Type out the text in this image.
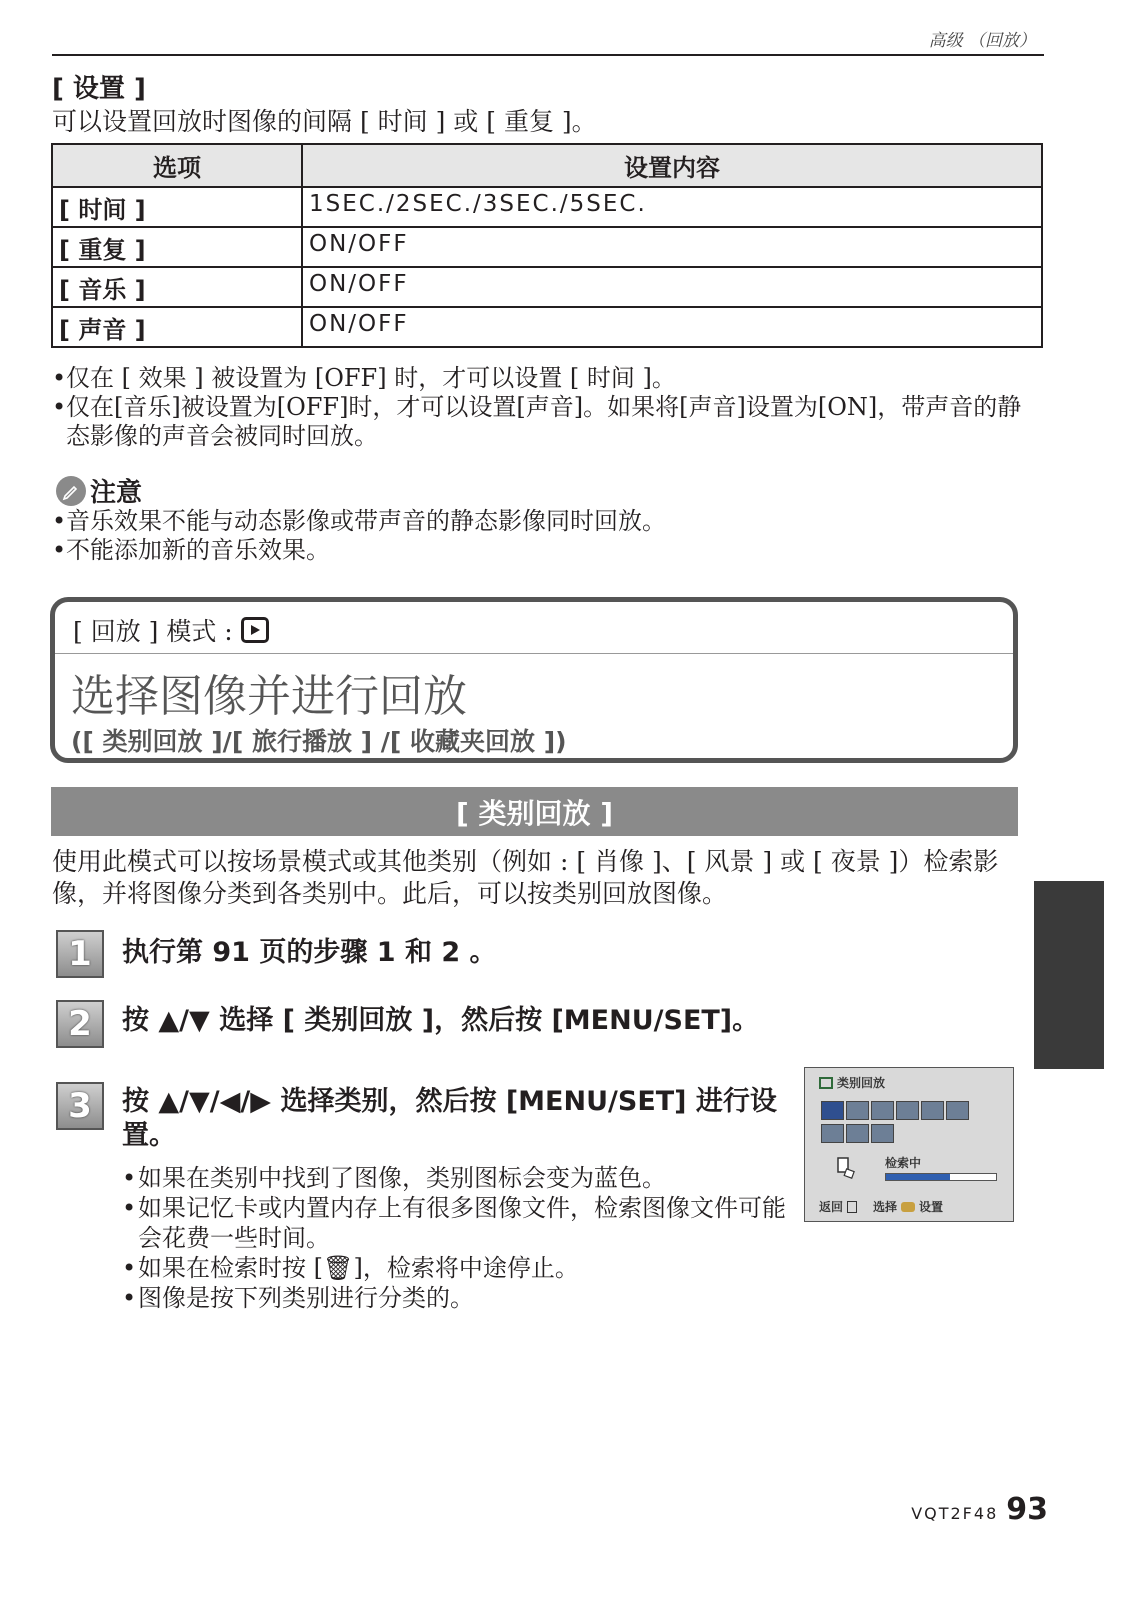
高级 （回放）
[ 设置 ]
可以设置回放时图像的间隔 [ 时间 ] 或 [ 重复 ]。
选项	设置内容
[ 时间 ]	1SEC./2SEC./3SEC./5SEC.
[ 重复 ]	ON/OFF
[ 音乐 ]	ON/OFF
[ 声音 ]	ON/OFF
• 仅在 [ 效果 ] 被设置为 [OFF] 时，才可以设置 [ 时间 ]。
• 仅在[音乐]被设置为[OFF]时，才可以设置[声音]。如果将[声音]设置为[ON]，带声音的静态影像的声音会被同时回放。
注意
• 音乐效果不能与动态影像或带声音的静态影像同时回放。
• 不能添加新的音乐效果。
[ 回放 ] 模式 :
选择图像并进行回放
([ 类别回放 ]/[ 旅行播放 ] /[ 收藏夹回放 ])
[ 类别回放 ]
使用此模式可以按场景模式或其他类别（例如 : [ 肖像 ]、[ 风景 ] 或 [ 夜景 ]）检索影像，并将图像分类到各类别中。此后，可以按类别回放图像。
1	执行第 91 页的步骤 1 和 2 。
2	按 ▲/▼ 选择 [ 类别回放 ]，然后按 [MENU/SET]。
3	按 ▲/▼/◀/▶ 选择类别，然后按 [MENU/SET] 进行设置。
• 如果在类别中找到了图像，类别图标会变为蓝色。
• 如果记忆卡或内置内存上有很多图像文件，检索图像文件可能会花费一些时间。
• 如果在检索时按 [🗑]，检索将中途停止。
• 图像是按下列类别进行分类的。
类别回放
检索中
返回	选择 设置
VQT2F48 93
